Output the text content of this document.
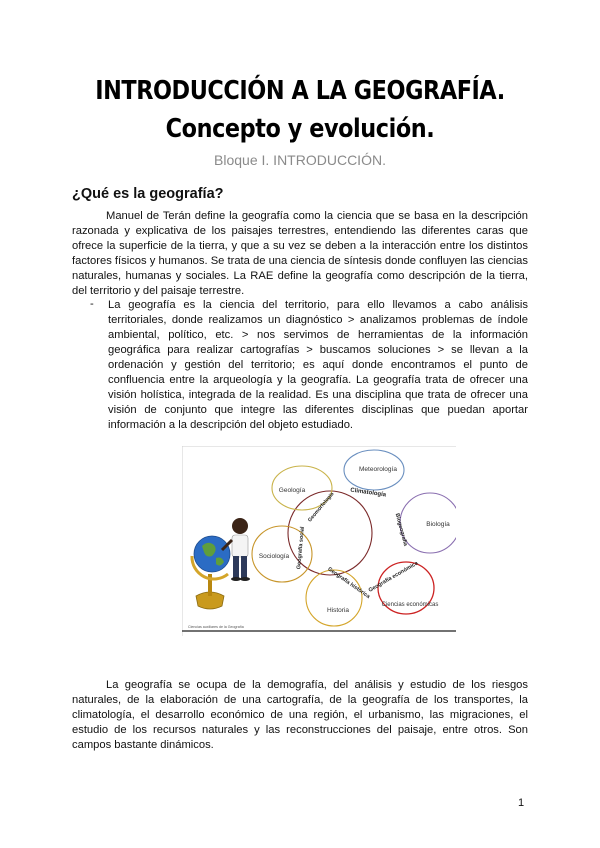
INTRODUCCIÓN A LA GEOGRAFÍA.
Concepto y evolución.
Bloque I. INTRODUCCIÓN.
¿Qué es la geografía?
Manuel de Terán define la geografía como la ciencia que se basa en la descripción razonada y explicativa de los paisajes terrestres, entendiendo las diferentes caras que ofrece la superficie de la tierra, y que a su vez se deben a la interacción entre los distintos factores físicos y humanos. Se trata de una ciencia de síntesis donde confluyen las ciencias naturales, humanas y sociales. La RAE define la geografía como descripción de la tierra, del territorio y del paisaje terrestre.
- La geografía es la ciencia del territorio, para ello llevamos a cabo análisis territoriales, donde realizamos un diagnóstico > analizamos problemas de índole ambiental, político, etc. > nos servimos de herramientas de la información geográfica para realizar cartografías > buscamos soluciones > se llevan a la ordenación y gestión del territorio; es aquí donde encontramos el punto de confluencia entre la arqueología y la geografía. La geografía trata de ofrecer una visión holística, integrada de la realidad. Es una disciplina que trata de ofrecer una visión de conjunto que integre las diferentes disciplinas que puedan aportar información a la descripción del objeto estudiado.
Geología
Meteorología
Biología
Sociología
Historia
Ciencias económicas
Climatología
Geomorfología
Biogeografía
Geografía social
Geografía histórica
Geografía económica
Ciencias auxiliares de la Geografía
La geografía se ocupa de la demografía, del análisis y estudio de los riesgos naturales, de la elaboración de una cartografía, de la geografía de los transportes, la climatología, el desarrollo económico de una región, el urbanismo, las migraciones, el estudio de los recursos naturales y las reconstrucciones del paisaje, entre otros. Son campos bastante dinámicos.
1
